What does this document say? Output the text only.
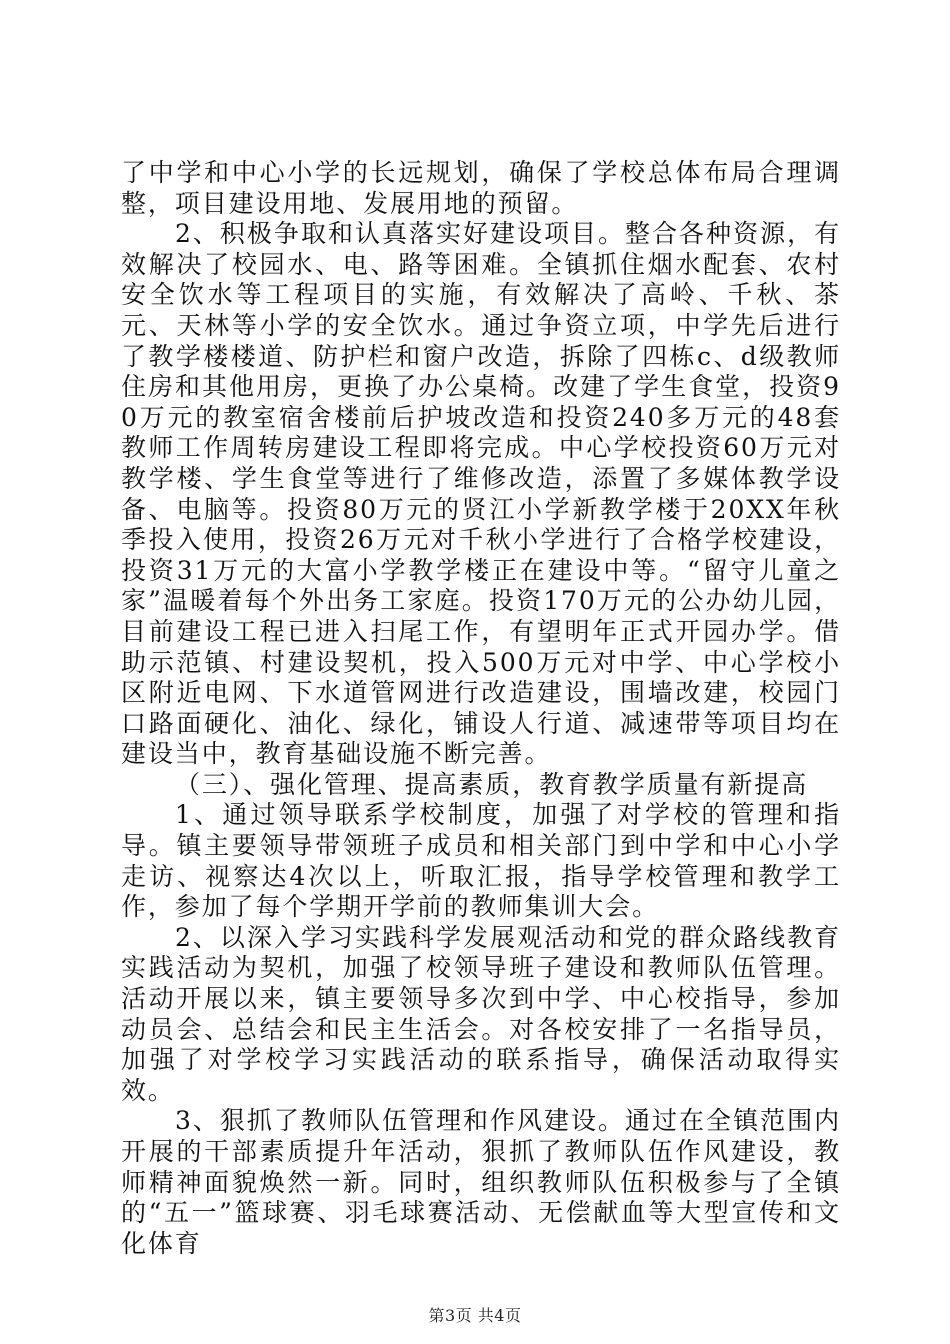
了中学和中心小学的长远规划，确保了学校总体布局合理调整，项目建设用地、发展用地的预留。

2、积极争取和认真落实好建设项目。整合各种资源，有效解决了校园水、电、路等困难。全镇抓住烟水配套、农村安全饮水等工程项目的实施，有效解决了高岭、千秋、茶元、天林等小学的安全饮水。通过争资立项，中学先后进行了教学楼楼道、防护栏和窗户改造，拆除了四栋c、d级教师住房和其他用房，更换了办公桌椅。改建了学生食堂，投资90万元的教室宿舍楼前后护坡改造和投资240多万元的48套教师工作周转房建设工程即将完成。中心学校投资60万元对教学楼、学生食堂等进行了维修改造，添置了多媒体教学设备、电脑等。投资80万元的贤江小学新教学楼于20XX年秋季投入使用，投资26万元对千秋小学进行了合格学校建设，投资31万元的大富小学教学楼正在建设中等。“留守儿童之家”温暖着每个外出务工家庭。投资170万元的公办幼儿园，目前建设工程已进入扫尾工作，有望明年正式开园办学。借助示范镇、村建设契机，投入500万元对中学、中心学校小区附近电网、下水道管网进行改造建设，围墙改建，校园门口路面硬化、油化、绿化，铺设人行道、减速带等项目均在建设当中，教育基础设施不断完善。

（三）、强化管理、提高素质，教育教学质量有新提高

1、通过领导联系学校制度，加强了对学校的管理和指导。镇主要领导带领班子成员和相关部门到中学和中心小学走访、视察达4次以上，听取汇报，指导学校管理和教学工作，参加了每个学期开学前的教师集训大会。

2、以深入学习实践科学发展观活动和党的群众路线教育实践活动为契机，加强了校领导班子建设和教师队伍管理。活动开展以来，镇主要领导多次到中学、中心校指导，参加动员会、总结会和民主生活会。对各校安排了一名指导员，加强了对学校学习实践活动的联系指导，确保活动取得实效。

3、狠抓了教师队伍管理和作风建设。通过在全镇范围内开展的干部素质提升年活动，狠抓了教师队伍作风建设，教师精神面貌焕然一新。同时，组织教师队伍积极参与了全镇的“五一”篮球赛、羽毛球赛活动、无偿献血等大型宣传和文化体育

第3页 共4页
